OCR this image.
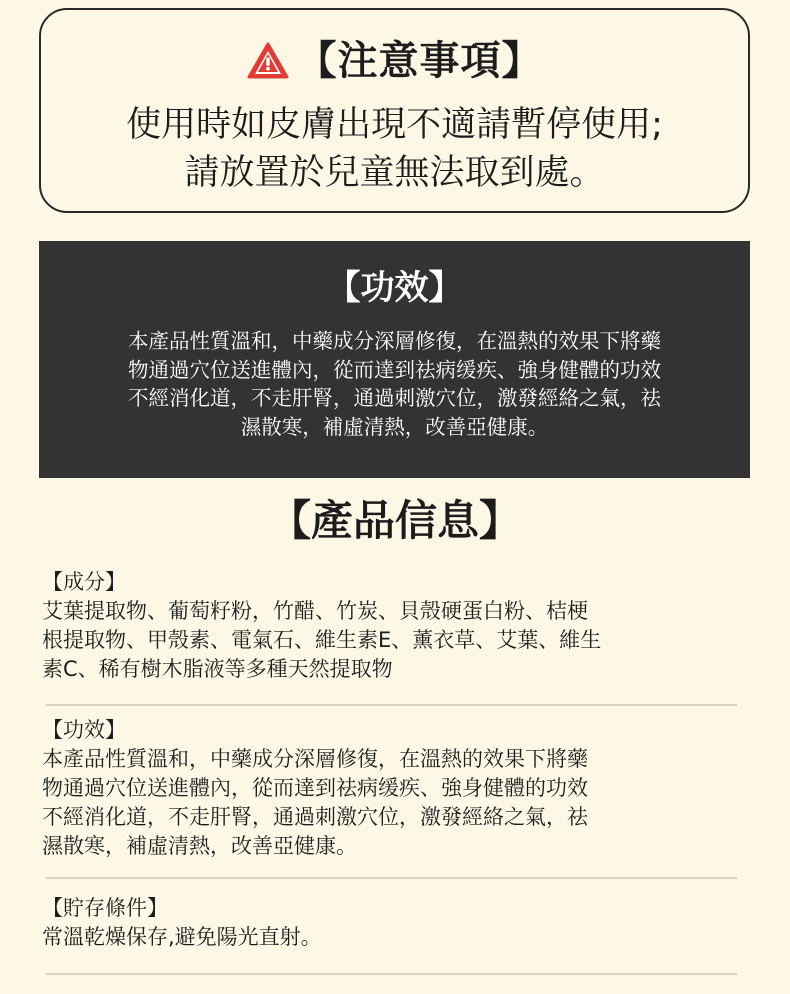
【注意事項】
使用時如皮膚出現不適請暫停使用;
請放置於兒童無法取到處。
【功效】
本產品性質溫和，中藥成分深層修復，在溫熱的效果下將藥
物通過穴位送進體內，從而達到祛病缓疾、強身健體的功效
不經消化道，不走肝腎，通過刺激穴位，激發經絡之氣，祛
濕散寒，補虛清熱，改善亞健康。
【產品信息】
【成分】
艾葉提取物、葡萄籽粉，竹醋、竹炭、貝殼硬蛋白粉、桔梗
根提取物、甲殼素、電氣石、維生素E、薰衣草、艾葉、維生
素C、稀有樹木脂液等多種天然提取物
【功效】
本產品性質溫和，中藥成分深層修復，在溫熱的效果下將藥
物通過穴位送進體內，從而達到祛病缓疾、強身健體的功效
不經消化道，不走肝腎，通過刺激穴位，激發經絡之氣，祛
濕散寒，補虛清熱，改善亞健康。
【貯存條件】
常溫乾燥保存,避免陽光直射。
